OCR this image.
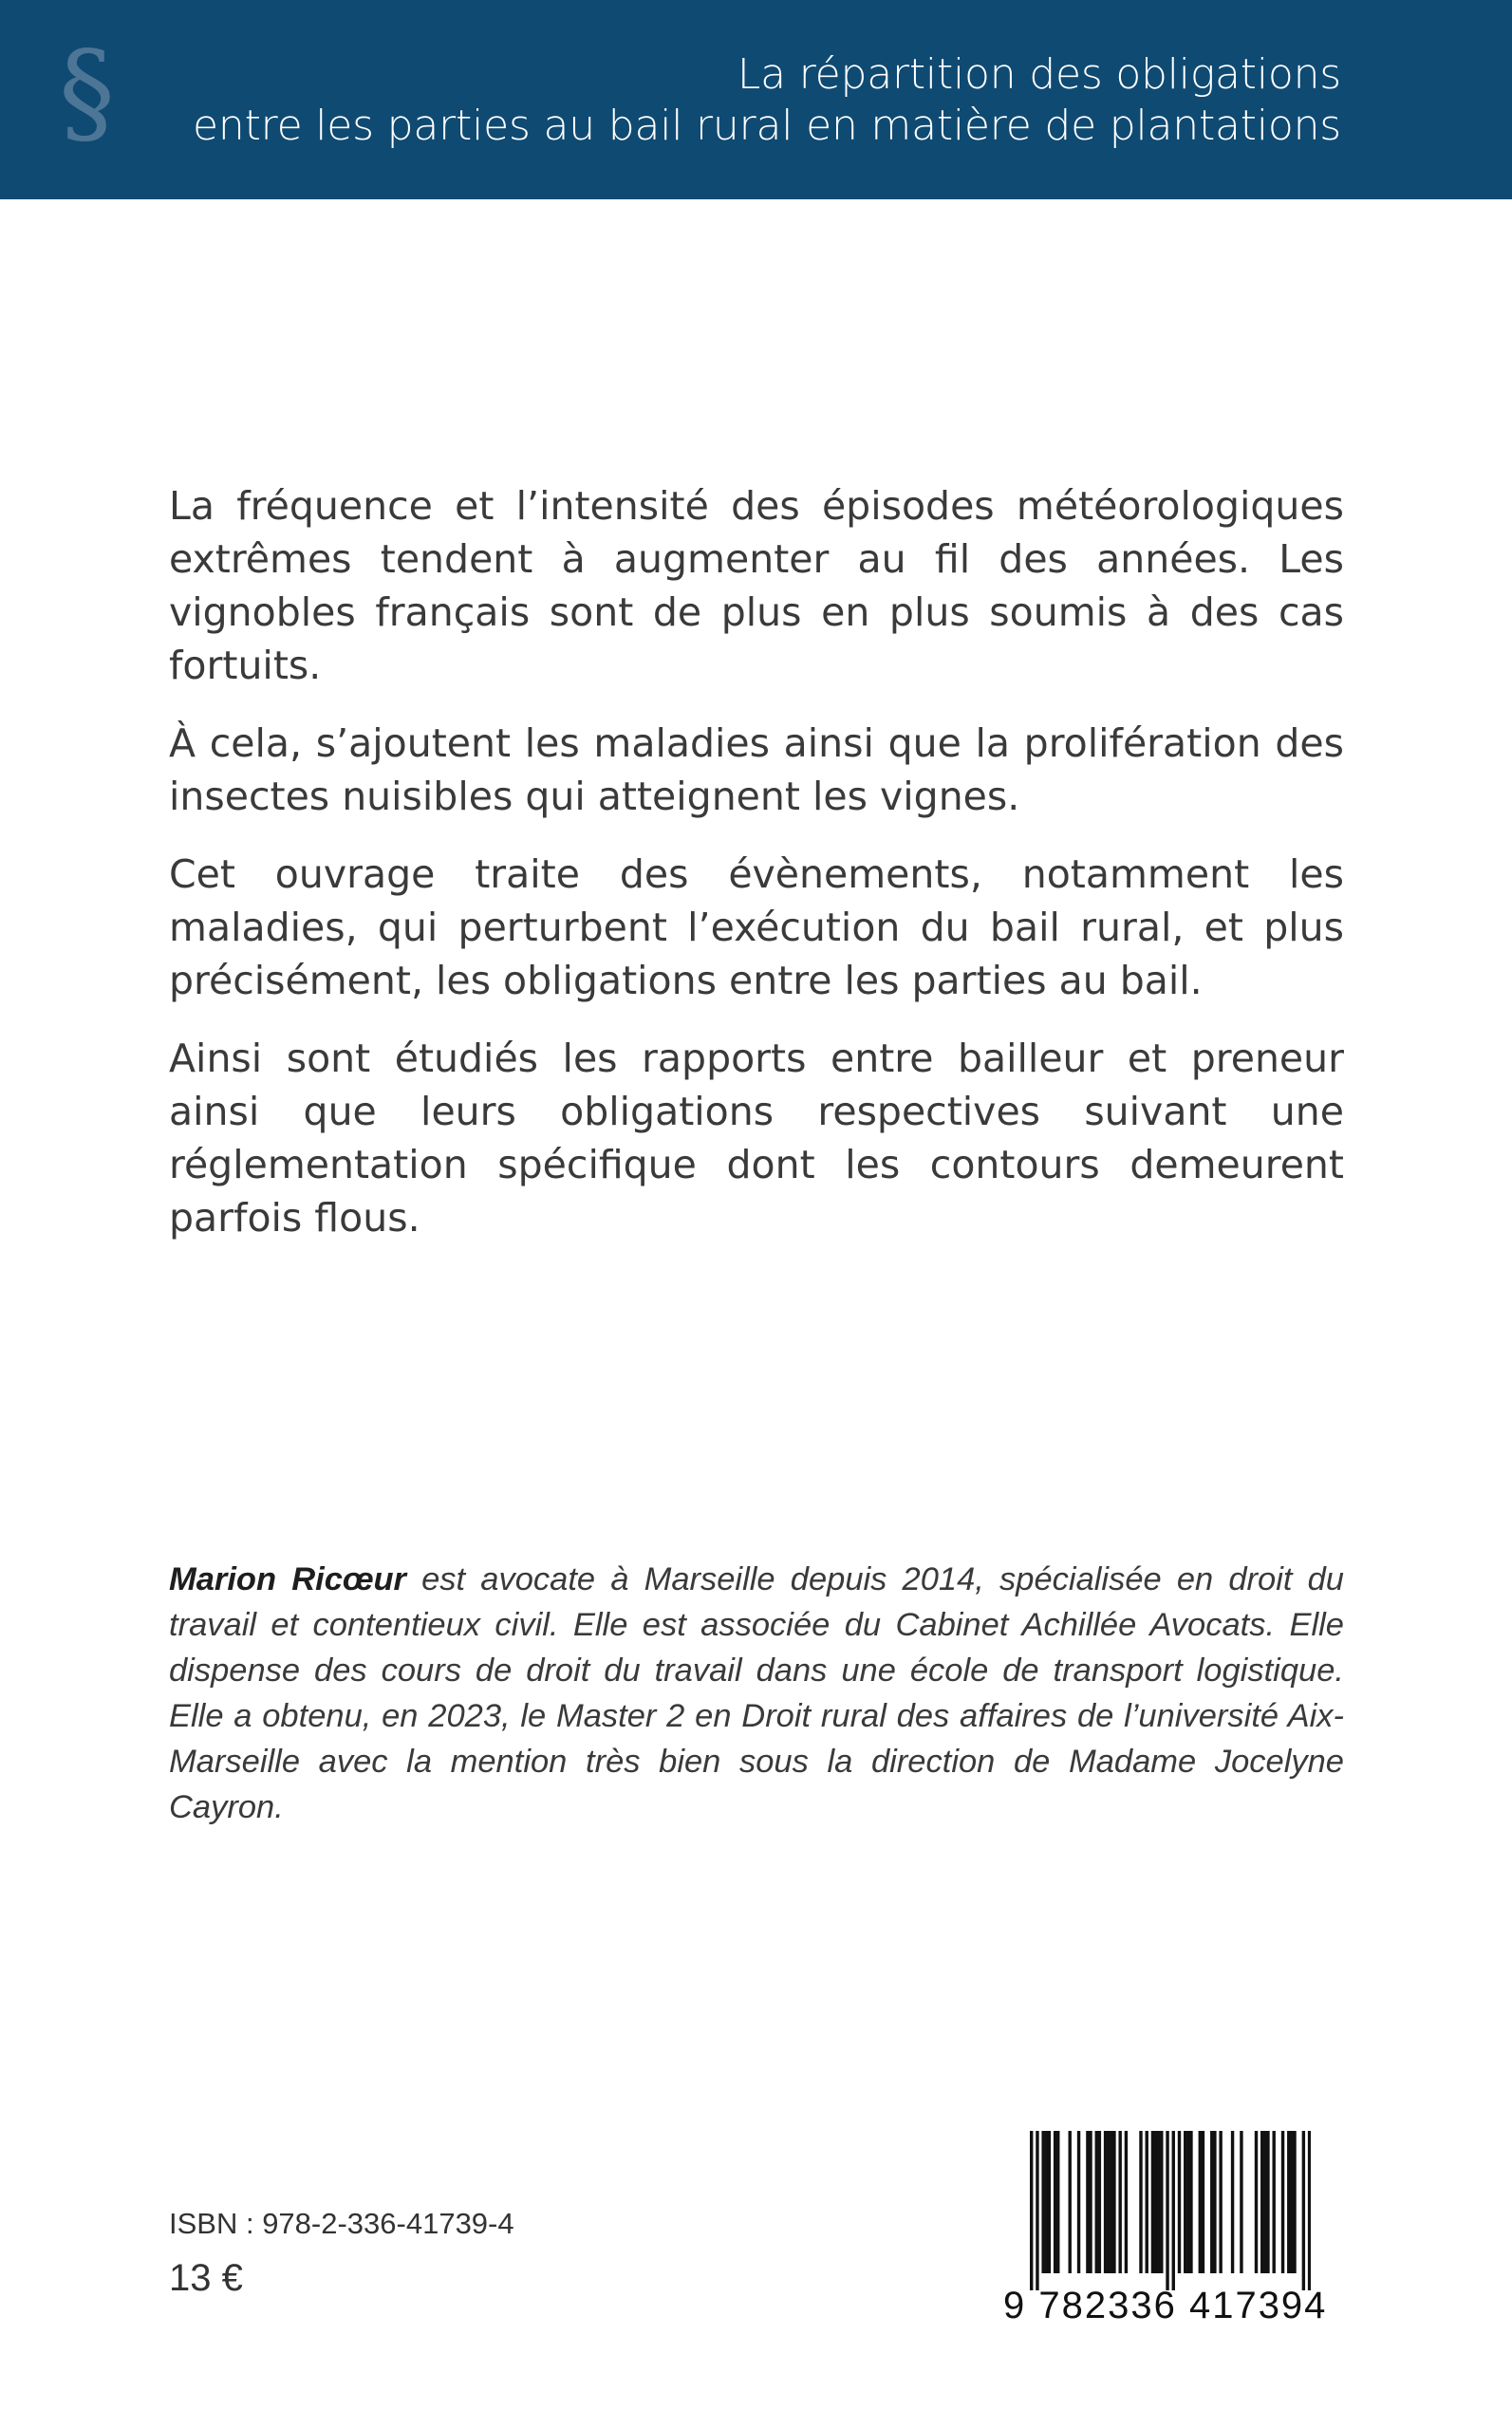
§	La répartition des obligations
entre les parties au bail rural en matière de plantations

La fréquence et l’intensité des épisodes météorologiques extrêmes tendent à augmenter au fil des années. Les vignobles français sont de plus en plus soumis à des cas fortuits.

À cela, s’ajoutent les maladies ainsi que la prolifération des insectes nuisibles qui atteignent les vignes.

Cet ouvrage traite des évènements, notamment les maladies, qui perturbent l’exécution du bail rural, et plus précisément, les obligations entre les parties au bail.

Ainsi sont étudiés les rapports entre bailleur et preneur ainsi que leurs obligations respectives suivant une réglementation spécifique dont les contours demeurent parfois flous.

Marion Ricœur est avocate à Marseille depuis 2014, spécialisée en droit du travail et contentieux civil. Elle est associée du Cabinet Achillée Avocats. Elle dispense des cours de droit du travail dans une école de transport logistique. Elle a obtenu, en 2023, le Master 2 en Droit rural des affaires de l’université Aix-Marseille avec la mention très bien sous la direction de Madame Jocelyne Cayron.
ISBN : 978-2-336-41739-4
13 €
9 782336 417394
